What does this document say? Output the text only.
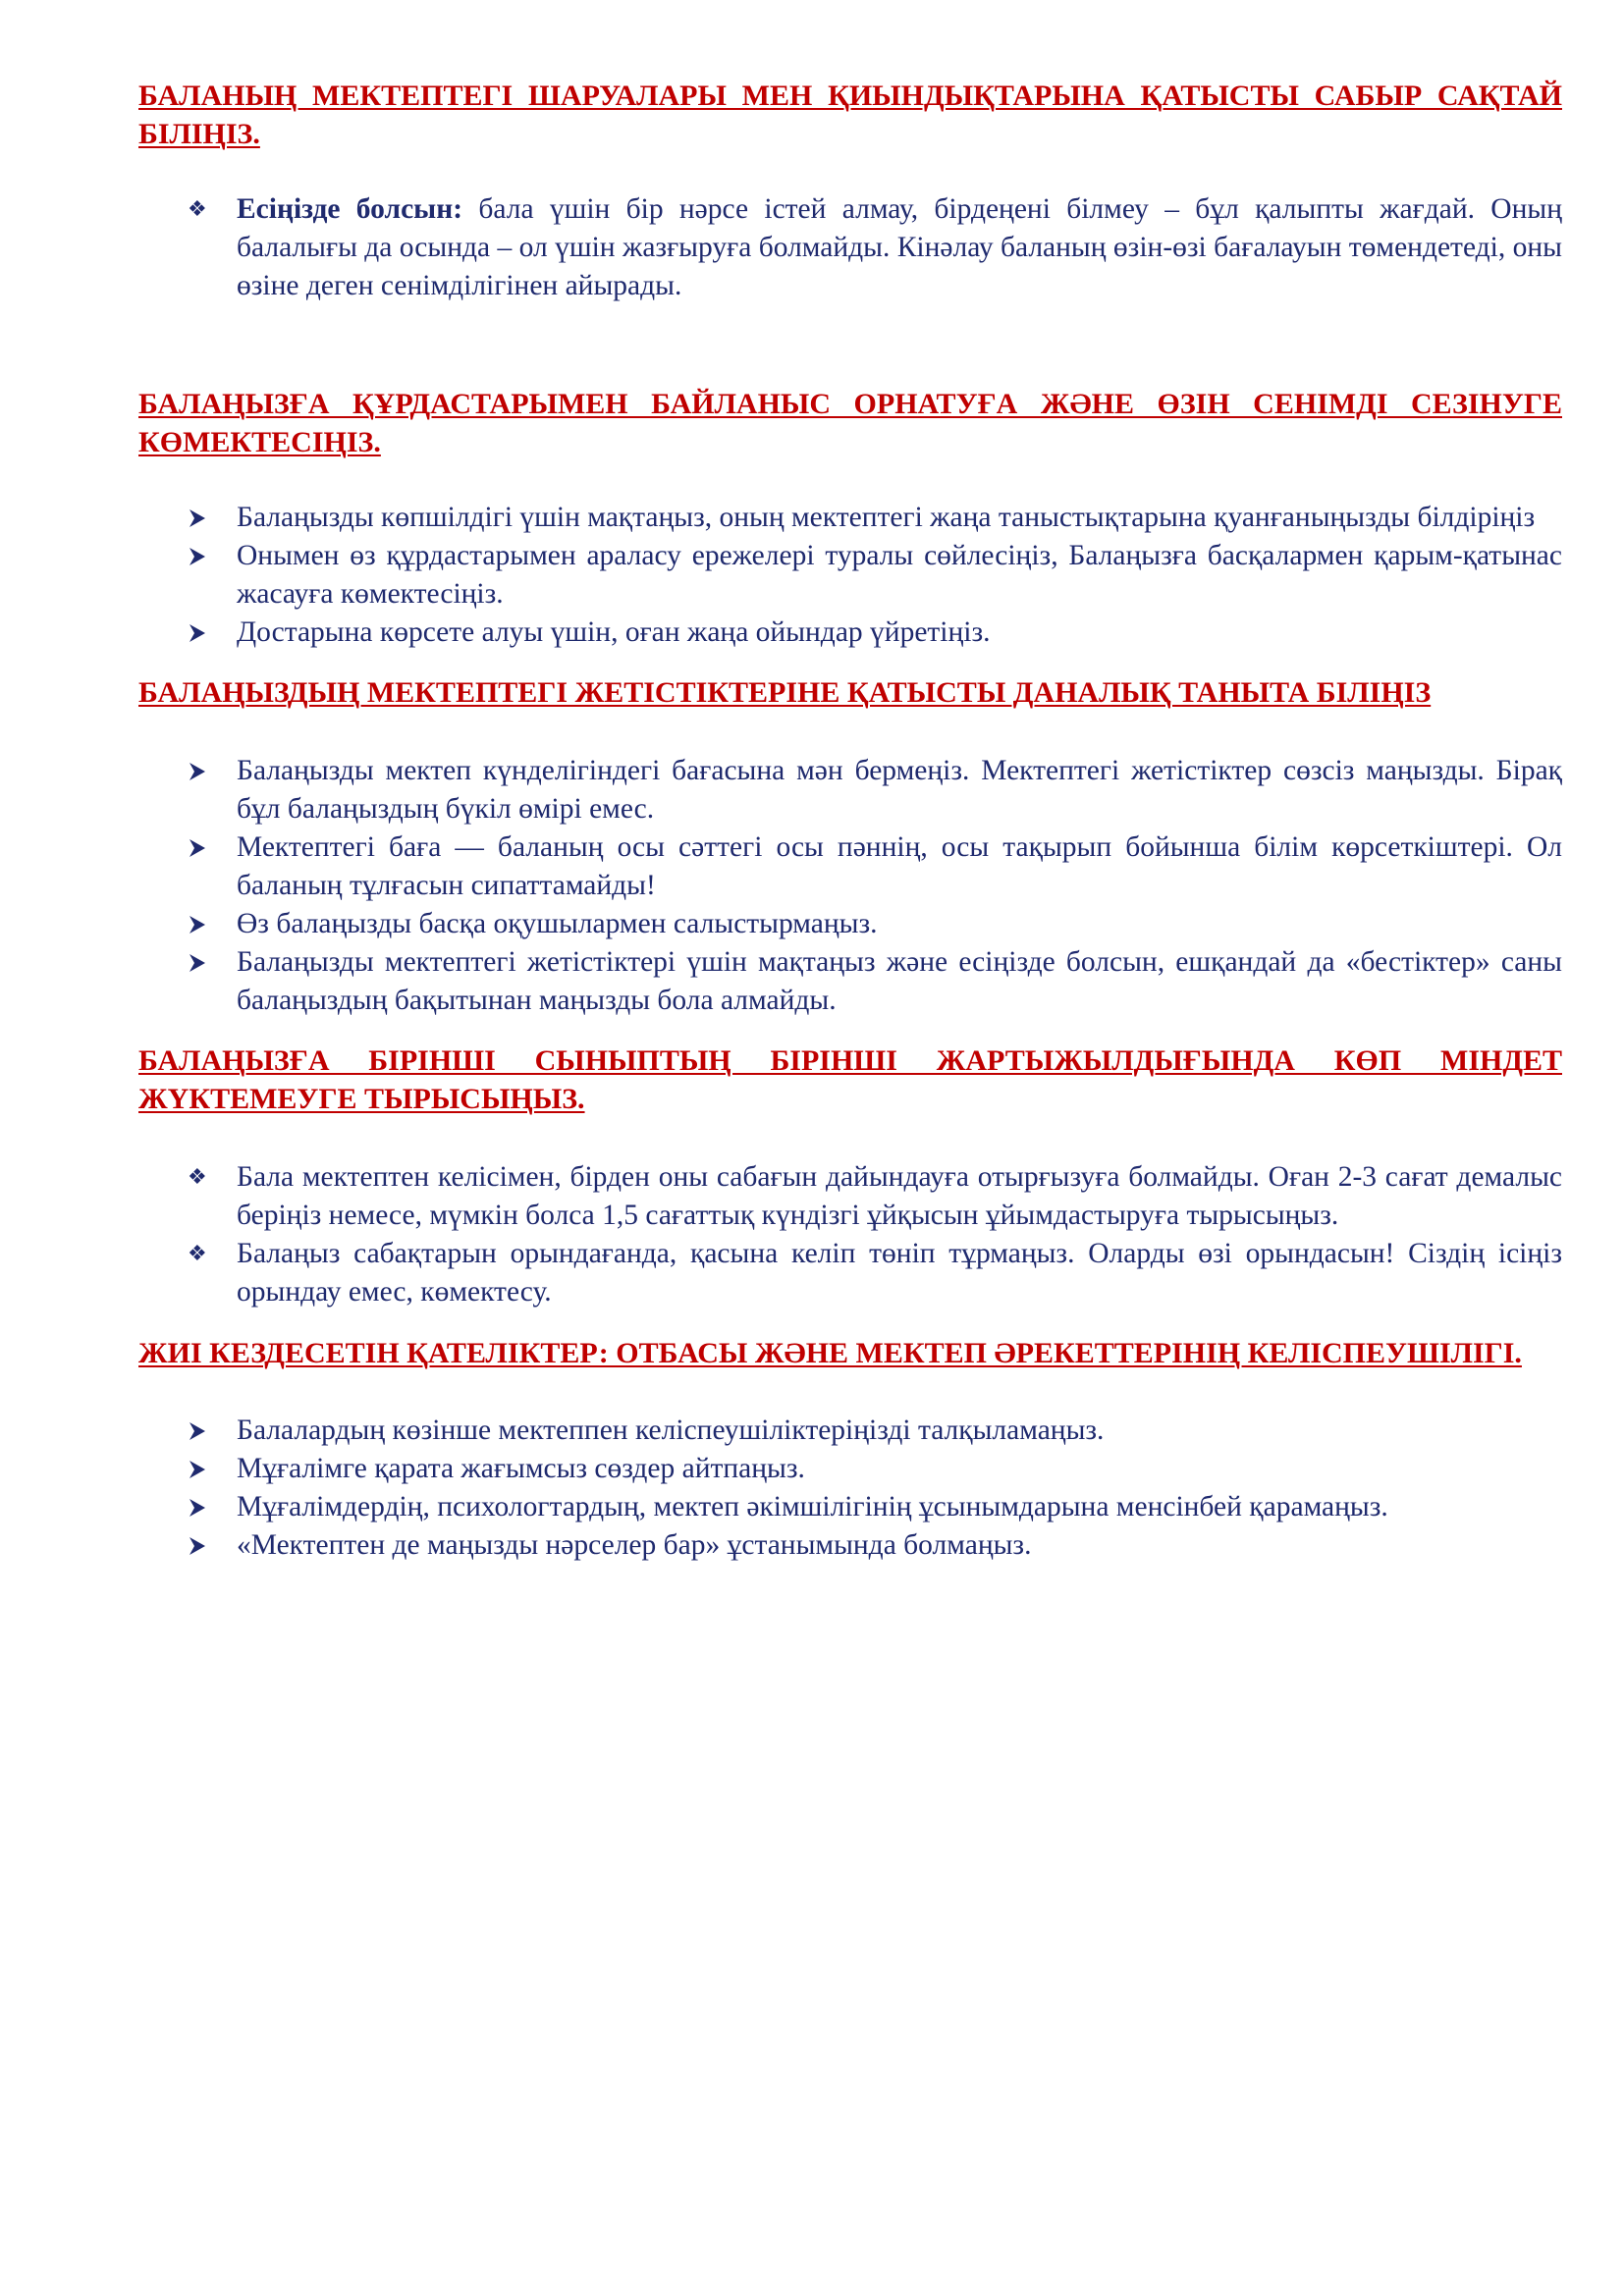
БАЛАНЫҢ МЕКТЕПТЕГІ ШАРУАЛАРЫ МЕН ҚИЫНДЫҚТАРЫНА ҚАТЫСТЫ САБЫР САҚТАЙ БІЛІҢІЗ.
❖	Есіңізде болсын: бала үшін бір нәрсе істей алмау, бірдеңені білмеу – бұл қалыпты жағдай. Оның балалығы да осында – ол үшін жазғыруға болмайды. Кінәлау баланың өзін-өзі бағалауын төмендетеді, оны өзіне деген сенімділігінен айырады.
БАЛАҢЫЗҒА ҚҰРДАСТАРЫМЕН БАЙЛАНЫС ОРНАТУҒА ЖӘНЕ ӨЗІН СЕНІМДІ СЕЗІНУГЕ КӨМЕКТЕСІҢІЗ.
Балаңызды көпшілдігі үшін мақтаңыз, оның мектептегі жаңа таныстықтарына қуанғаныңызды білдіріңіз
Онымен өз құрдастарымен араласу ережелері туралы сөйлесіңіз, Балаңызға басқалармен қарым-қатынас жасауға көмектесіңіз.
Достарына көрсете алуы үшін, оған жаңа ойындар үйретіңіз.
БАЛАҢЫЗДЫҢ МЕКТЕПТЕГІ ЖЕТІСТІКТЕРІНЕ ҚАТЫСТЫ ДАНАЛЫҚ ТАНЫТА БІЛІҢІЗ
Балаңызды мектеп күнделігіндегі бағасына мән бермеңіз. Мектептегі жетістіктер сөзсіз маңызды. Бірақ бұл балаңыздың бүкіл өмірі емес.
Мектептегі баға — баланың осы сәттегі осы пәннің, осы тақырып бойынша білім көрсеткіштері. Ол баланың тұлғасын сипаттамайды!
Өз балаңызды басқа оқушылармен салыстырмаңыз.
Балаңызды мектептегі жетістіктері үшін мақтаңыз және есіңізде болсын, ешқандай да «бестіктер» саны балаңыздың бақытынан маңызды бола алмайды.
БАЛАҢЫЗҒА БІРІНШІ СЫНЫПТЫҢ БІРІНШІ ЖАРТЫЖЫЛДЫҒЫНДА КӨП МІНДЕТ ЖҮКТЕМЕУГЕ ТЫРЫСЫҢЫЗ.
❖	Бала мектептен келісімен, бірден оны сабағын дайындауға отырғызуға болмайды. Оған 2-3 сағат демалыс беріңіз немесе, мүмкін болса 1,5 сағаттық күндізгі ұйқысын ұйымдастыруға тырысыңыз.
❖	Балаңыз сабақтарын орындағанда, қасына келіп төніп тұрмаңыз. Оларды өзі орындасын! Сіздің ісіңіз орындау емес, көмектесу.
ЖИІ КЕЗДЕСЕТІН ҚАТЕЛІКТЕР: ОТБАСЫ ЖӘНЕ МЕКТЕП ӘРЕКЕТТЕРІНІҢ КЕЛІСПЕУШІЛІГІ.
Балалардың көзінше мектеппен келіспеушіліктеріңізді талқыламаңыз.
Мұғалімге қарата жағымсыз сөздер айтпаңыз.
Мұғалімдердің, психологтардың, мектеп әкімшілігінің ұсынымдарына менсінбей қарамаңыз.
«Мектептен де маңызды нәрселер бар» ұстанымында болмаңыз.
